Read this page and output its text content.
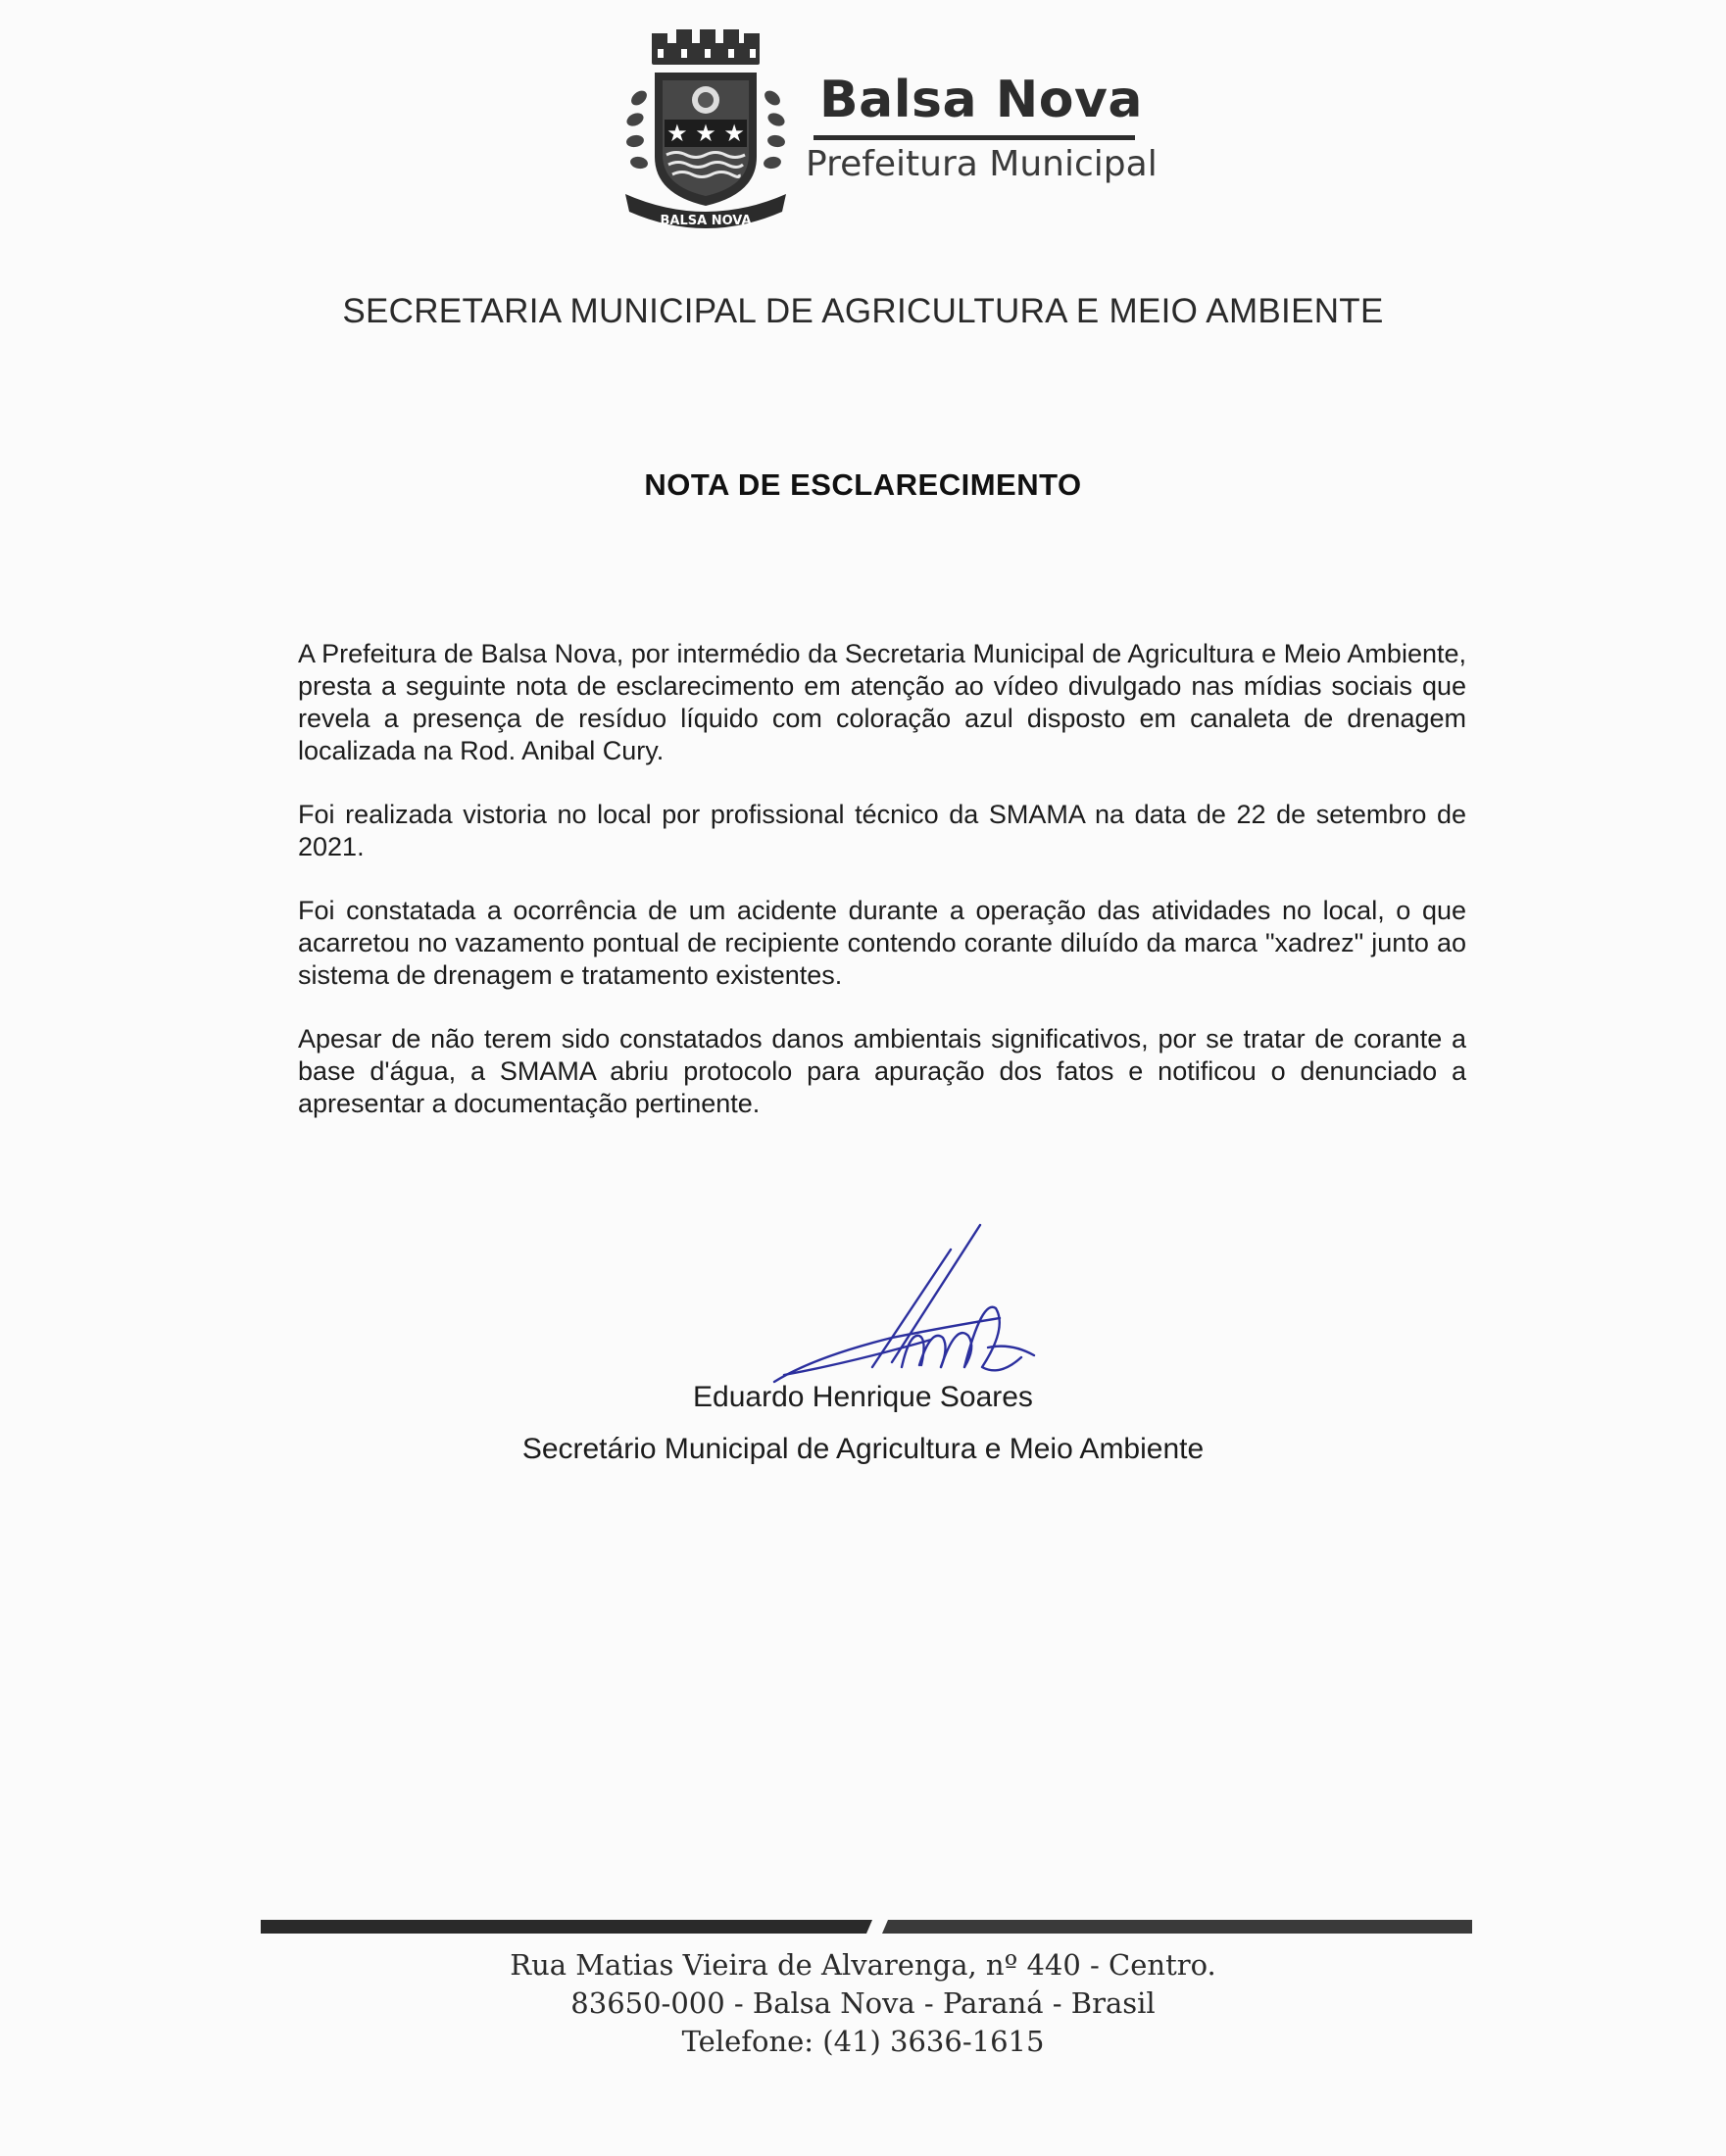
★ ★ ★
BALSA NOVA
Balsa Nova
Prefeitura Municipal
SECRETARIA MUNICIPAL DE AGRICULTURA E MEIO AMBIENTE
NOTA DE ESCLARECIMENTO

A Prefeitura de Balsa Nova, por intermédio da Secretaria Municipal de Agricultura e Meio Ambiente, presta a seguinte nota de esclarecimento em atenção ao vídeo divulgado nas mídias sociais que revela a presença de resíduo líquido com coloração azul disposto em canaleta de drenagem localizada na Rod. Anibal Cury.

Foi realizada vistoria no local por profissional técnico da SMAMA na data de 22 de setembro de 2021.

Foi constatada a ocorrência de um acidente durante a operação das atividades no local, o que acarretou no vazamento pontual de recipiente contendo corante diluído da marca "xadrez" junto ao sistema de drenagem e tratamento existentes.

Apesar de não terem sido constatados danos ambientais significativos, por se tratar de corante a base d'água, a SMAMA abriu protocolo para apuração dos fatos e notificou o denunciado a apresentar a documentação pertinente.

Eduardo Henrique Soares
Secretário Municipal de Agricultura e Meio Ambiente
Rua Matias Vieira de Alvarenga, nº 440 - Centro.
83650-000 - Balsa Nova - Paraná - Brasil
Telefone: (41) 3636-1615
